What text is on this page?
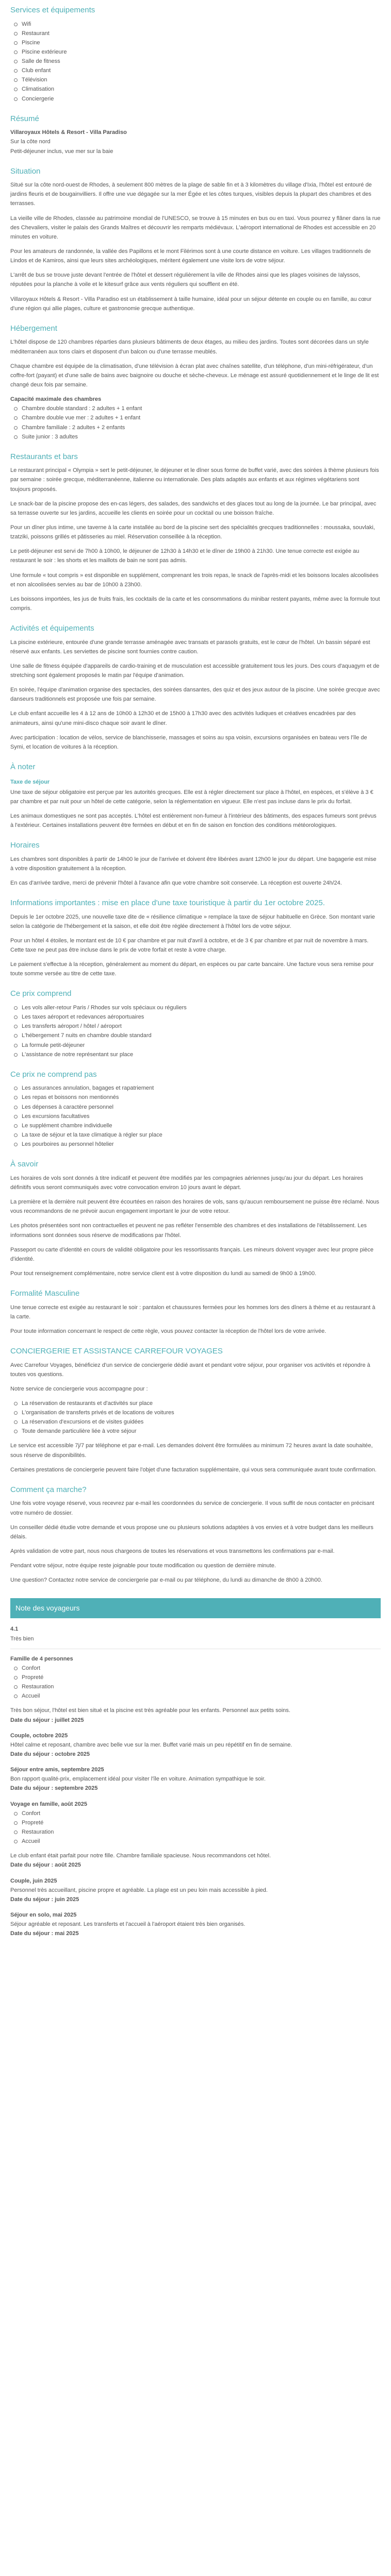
Services et équipements
Wifi
Restaurant
Piscine
Piscine extérieure
Salle de fitness
Club enfant
Télévision
Climatisation
Conciergerie
Résumé
Villaroyaux Hôtels & Resort - Villa Paradiso
Sur la côte nord
Petit-déjeuner inclus, vue mer sur la baie
Situation

Situé sur la côte nord-ouest de Rhodes, à seulement 800 mètres de la plage de sable fin et à 3 kilomètres du village d'Ixia, l'hôtel est entouré de jardins fleuris et de bougainvilliers. Il offre une vue dégagée sur la mer Égée et les côtes turques, visibles depuis la plupart des chambres et des terrasses.

La vieille ville de Rhodes, classée au patrimoine mondial de l'UNESCO, se trouve à 15 minutes en bus ou en taxi. Vous pourrez y flâner dans la rue des Chevaliers, visiter le palais des Grands Maîtres et découvrir les remparts médiévaux. L'aéroport international de Rhodes est accessible en 20 minutes en voiture.

Pour les amateurs de randonnée, la vallée des Papillons et le mont Filérimos sont à une courte distance en voiture. Les villages traditionnels de Lindos et de Kamiros, ainsi que leurs sites archéologiques, méritent également une visite lors de votre séjour.

L'arrêt de bus se trouve juste devant l'entrée de l'hôtel et dessert régulièrement la ville de Rhodes ainsi que les plages voisines de Ialyssos, réputées pour la planche à voile et le kitesurf grâce aux vents réguliers qui soufflent en été.

Villaroyaux Hôtels & Resort - Villa Paradiso est un établissement à taille humaine, idéal pour un séjour détente en couple ou en famille, au cœur d'une région qui allie plages, culture et gastronomie grecque authentique.

Hébergement

L'hôtel dispose de 120 chambres réparties dans plusieurs bâtiments de deux étages, au milieu des jardins. Toutes sont décorées dans un style méditerranéen aux tons clairs et disposent d'un balcon ou d'une terrasse meublés.

Chaque chambre est équipée de la climatisation, d'une télévision à écran plat avec chaînes satellite, d'un téléphone, d'un mini-réfrigérateur, d'un coffre-fort (payant) et d'une salle de bains avec baignoire ou douche et sèche-cheveux. Le ménage est assuré quotidiennement et le linge de lit est changé deux fois par semaine.

Capacité maximale des chambres
Chambre double standard : 2 adultes + 1 enfant
Chambre double vue mer : 2 adultes + 1 enfant
Chambre familiale : 2 adultes + 2 enfants
Suite junior : 3 adultes
Restaurants et bars

Le restaurant principal « Olympia » sert le petit-déjeuner, le déjeuner et le dîner sous forme de buffet varié, avec des soirées à thème plusieurs fois par semaine : soirée grecque, méditerranéenne, italienne ou internationale. Des plats adaptés aux enfants et aux régimes végétariens sont toujours proposés.

Le snack-bar de la piscine propose des en-cas légers, des salades, des sandwichs et des glaces tout au long de la journée. Le bar principal, avec sa terrasse ouverte sur les jardins, accueille les clients en soirée pour un cocktail ou une boisson fraîche.

Pour un dîner plus intime, une taverne à la carte installée au bord de la piscine sert des spécialités grecques traditionnelles : moussaka, souvlaki, tzatziki, poissons grillés et pâtisseries au miel. Réservation conseillée à la réception.

Le petit-déjeuner est servi de 7h00 à 10h00, le déjeuner de 12h30 à 14h30 et le dîner de 19h00 à 21h30. Une tenue correcte est exigée au restaurant le soir : les shorts et les maillots de bain ne sont pas admis.

Une formule « tout compris » est disponible en supplément, comprenant les trois repas, le snack de l'après-midi et les boissons locales alcoolisées et non alcoolisées servies au bar de 10h00 à 23h00.

Les boissons importées, les jus de fruits frais, les cocktails de la carte et les consommations du minibar restent payants, même avec la formule tout compris.

Activités et équipements

La piscine extérieure, entourée d'une grande terrasse aménagée avec transats et parasols gratuits, est le cœur de l'hôtel. Un bassin séparé est réservé aux enfants. Les serviettes de piscine sont fournies contre caution.

Une salle de fitness équipée d'appareils de cardio-training et de musculation est accessible gratuitement tous les jours. Des cours d'aquagym et de stretching sont également proposés le matin par l'équipe d'animation.

En soirée, l'équipe d'animation organise des spectacles, des soirées dansantes, des quiz et des jeux autour de la piscine. Une soirée grecque avec danseurs traditionnels est proposée une fois par semaine.

Le club enfant accueille les 4 à 12 ans de 10h00 à 12h30 et de 15h00 à 17h30 avec des activités ludiques et créatives encadrées par des animateurs, ainsi qu'une mini-disco chaque soir avant le dîner.

Avec participation : location de vélos, service de blanchisserie, massages et soins au spa voisin, excursions organisées en bateau vers l'île de Symi, et location de voitures à la réception.

À noter
Taxe de séjour

Une taxe de séjour obligatoire est perçue par les autorités grecques. Elle est à régler directement sur place à l'hôtel, en espèces, et s'élève à 3 € par chambre et par nuit pour un hôtel de cette catégorie, selon la réglementation en vigueur. Elle n'est pas incluse dans le prix du forfait.

Les animaux domestiques ne sont pas acceptés. L'hôtel est entièrement non-fumeur à l'intérieur des bâtiments, des espaces fumeurs sont prévus à l'extérieur. Certaines installations peuvent être fermées en début et en fin de saison en fonction des conditions météorologiques.

Horaires

Les chambres sont disponibles à partir de 14h00 le jour de l'arrivée et doivent être libérées avant 12h00 le jour du départ. Une bagagerie est mise à votre disposition gratuitement à la réception.

En cas d'arrivée tardive, merci de prévenir l'hôtel à l'avance afin que votre chambre soit conservée. La réception est ouverte 24h/24.

Informations importantes : mise en place d'une taxe touristique à partir du 1er octobre 2025.

Depuis le 1er octobre 2025, une nouvelle taxe dite de « résilience climatique » remplace la taxe de séjour habituelle en Grèce. Son montant varie selon la catégorie de l'hébergement et la saison, et elle doit être réglée directement à l'hôtel lors de votre séjour.

Pour un hôtel 4 étoiles, le montant est de 10 € par chambre et par nuit d'avril à octobre, et de 3 € par chambre et par nuit de novembre à mars. Cette taxe ne peut pas être incluse dans le prix de votre forfait et reste à votre charge.

Le paiement s'effectue à la réception, généralement au moment du départ, en espèces ou par carte bancaire. Une facture vous sera remise pour toute somme versée au titre de cette taxe.

Ce prix comprend
Les vols aller-retour Paris / Rhodes sur vols spéciaux ou réguliers
Les taxes aéroport et redevances aéroportuaires
Les transferts aéroport / hôtel / aéroport
L'hébergement 7 nuits en chambre double standard
La formule petit-déjeuner
L'assistance de notre représentant sur place
Ce prix ne comprend pas
Les assurances annulation, bagages et rapatriement
Les repas et boissons non mentionnés
Les dépenses à caractère personnel
Les excursions facultatives
Le supplément chambre individuelle
La taxe de séjour et la taxe climatique à régler sur place
Les pourboires au personnel hôtelier
À savoir

Les horaires de vols sont donnés à titre indicatif et peuvent être modifiés par les compagnies aériennes jusqu'au jour du départ. Les horaires définitifs vous seront communiqués avec votre convocation environ 10 jours avant le départ.

La première et la dernière nuit peuvent être écourtées en raison des horaires de vols, sans qu'aucun remboursement ne puisse être réclamé. Nous vous recommandons de ne prévoir aucun engagement important le jour de votre retour.

Les photos présentées sont non contractuelles et peuvent ne pas refléter l'ensemble des chambres et des installations de l'établissement. Les informations sont données sous réserve de modifications par l'hôtel.

Passeport ou carte d'identité en cours de validité obligatoire pour les ressortissants français. Les mineurs doivent voyager avec leur propre pièce d'identité.

Pour tout renseignement complémentaire, notre service client est à votre disposition du lundi au samedi de 9h00 à 19h00.

Formalité Masculine

Une tenue correcte est exigée au restaurant le soir : pantalon et chaussures fermées pour les hommes lors des dîners à thème et au restaurant à la carte.

Pour toute information concernant le respect de cette règle, vous pouvez contacter la réception de l'hôtel lors de votre arrivée.

CONCIERGERIE ET ASSISTANCE CARREFOUR VOYAGES

Avec Carrefour Voyages, bénéficiez d'un service de conciergerie dédié avant et pendant votre séjour, pour organiser vos activités et répondre à toutes vos questions.

Notre service de conciergerie vous accompagne pour :

La réservation de restaurants et d'activités sur place
L'organisation de transferts privés et de locations de voitures
La réservation d'excursions et de visites guidées
Toute demande particulière liée à votre séjour

Le service est accessible 7j/7 par téléphone et par e-mail. Les demandes doivent être formulées au minimum 72 heures avant la date souhaitée, sous réserve de disponibilités.

Certaines prestations de conciergerie peuvent faire l'objet d'une facturation supplémentaire, qui vous sera communiquée avant toute confirmation.

Comment ça marche?

Une fois votre voyage réservé, vous recevrez par e-mail les coordonnées du service de conciergerie. Il vous suffit de nous contacter en précisant votre numéro de dossier.

Un conseiller dédié étudie votre demande et vous propose une ou plusieurs solutions adaptées à vos envies et à votre budget dans les meilleurs délais.

Après validation de votre part, nous nous chargeons de toutes les réservations et vous transmettons les confirmations par e-mail.

Pendant votre séjour, notre équipe reste joignable pour toute modification ou question de dernière minute.

Une question? Contactez notre service de conciergerie par e-mail ou par téléphone, du lundi au dimanche de 8h00 à 20h00.

Note des voyageurs
4.1
Très bien
Famille de 4 personnes
Confort
Propreté
Restauration
Accueil

Très bon séjour, l'hôtel est bien situé et la piscine est très agréable pour les enfants. Personnel aux petits soins.

Date du séjour : juillet 2025

Couple, octobre 2025

Hôtel calme et reposant, chambre avec belle vue sur la mer. Buffet varié mais un peu répétitif en fin de semaine.

Date du séjour : octobre 2025

Séjour entre amis, septembre 2025

Bon rapport qualité-prix, emplacement idéal pour visiter l'île en voiture. Animation sympathique le soir.

Date du séjour : septembre 2025

Voyage en famille, août 2025
Confort
Propreté
Restauration
Accueil

Le club enfant était parfait pour notre fille. Chambre familiale spacieuse. Nous recommandons cet hôtel.

Date du séjour : août 2025

Couple, juin 2025

Personnel très accueillant, piscine propre et agréable. La plage est un peu loin mais accessible à pied.

Date du séjour : juin 2025

Séjour en solo, mai 2025

Séjour agréable et reposant. Les transferts et l'accueil à l'aéroport étaient très bien organisés.

Date du séjour : mai 2025
